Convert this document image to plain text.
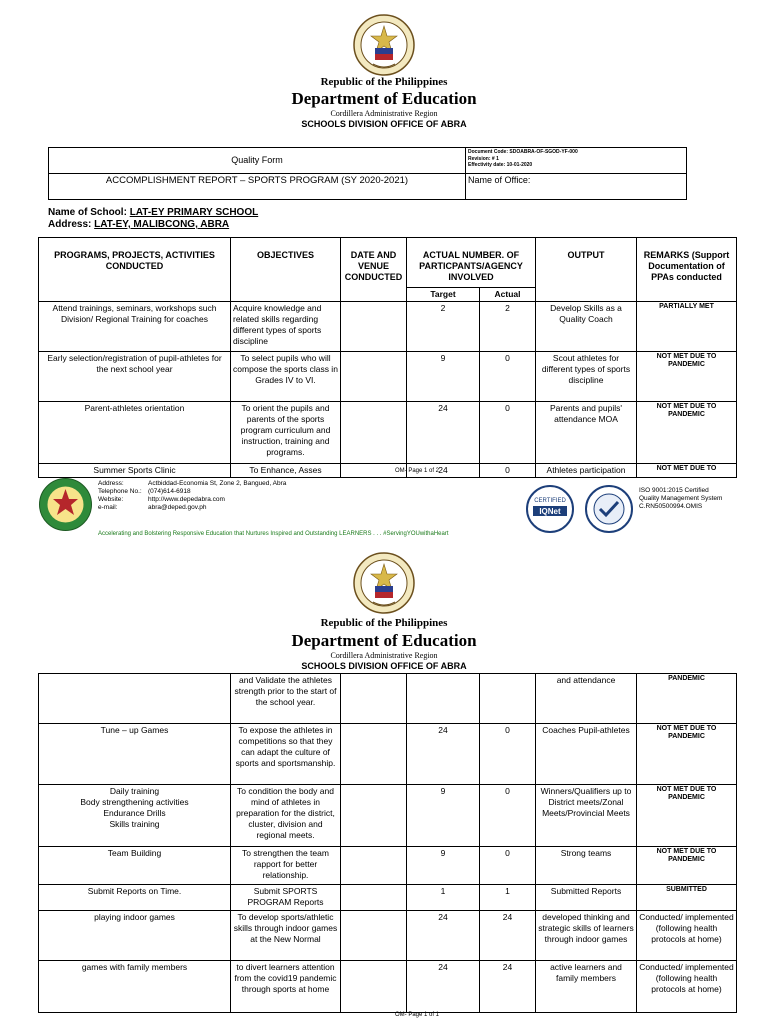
Republic of the Philippines
Department of Education
Cordillera Administrative Region
SCHOOLS DIVISION OFFICE OF ABRA
Quality Form	Document Code: SDOABRA-OF-SGOD-YF-000
Revision: # 1
Effectivity date: 10-01-2020

ACCOMPLISHMENT REPORT – SPORTS PROGRAM (SY 2020-2021)	Name of Office:
Name of School: LAT-EY PRIMARY SCHOOL
Address: LAT-EY, MALIBCONG, ABRA
PROGRAMS, PROJECTS, ACTIVITIES CONDUCTED	OBJECTIVES	DATE AND VENUE CONDUCTED	ACTUAL NUMBER. OF PARTICPANTS/AGENCY INVOLVED		OUTPUT	REMARKS (Support Documentation of PPAs conducted
			Target	Actual		
Attend trainings, seminars, workshops such Division/ Regional Training for coaches	Acquire knowledge and related skills regarding different types of sports discipline		2	2	Develop Skills as a Quality Coach	PARTIALLY MET
Early selection/registration of pupil-athletes for the next school year	To select pupils who will compose the sports class in Grades IV to VI.		9	0	Scout athletes for different types of sports discipline	NOT MET DUE TO PANDEMIC
Parent-athletes orientation	To orient the pupils and parents of the sports program curriculum and instruction, training and programs.		24	0	Parents and pupils' attendance MOA	NOT MET DUE TO PANDEMIC
Summer Sports Clinic	To Enhance, Asses		24	0	Athletes participation	NOT MET DUE TO
OM- Page 1 of 2
Address:	Actbiddad-Economia St, Zone 2, Bangued, Abra
Telephone No.: (074)614-6918
Website:	http://www.depedabra.com
e-mail:	abra@deped.gov.ph
CERTIFIED
IQNet
ISO 9001:2015 Certified
Quality Management System
C.RN50500994.OMIS
Accelerating and Bolstering Responsive Education that Nurtures Inspired and Outstanding LEARNERS . . . #ServingYOUwithaHeart
Republic of the Philippines
Department of Education
Cordillera Administrative Region
SCHOOLS DIVISION OFFICE OF ABRA
	and Validate the athletes strength prior to the start of the school year.				and attendance	PANDEMIC
Tune – up Games	To expose the athletes in competitions so that they can adapt the culture of sports and sportsmanship.		24	0	Coaches Pupil-athletes	NOT MET DUE TO PANDEMIC
Daily training
Body strengthening activities
Endurance Drills
Skills training	To condition the body and mind of athletes in preparation for the district, cluster, division and regional meets.		9	0	Winners/Qualifiers up to District meets/Zonal Meets/Provincial Meets	NOT MET DUE TO PANDEMIC
Team Building	To strengthen the team rapport for better relationship.		9	0	Strong teams	NOT MET DUE TO PANDEMIC
Submit Reports on Time.	Submit SPORTS PROGRAM Reports		1	1	Submitted Reports	SUBMITTED
playing indoor games	To develop sports/athletic skills through indoor games at the New Normal		24	24	developed thinking and strategic skills of learners through indoor games	Conducted/ implemented (following health protocols at home)
games with family members	to divert learners attention from the covid19 pandemic through sports at home		24	24	active learners and family members	Conducted/ implemented (following health protocols at home)
OM- Page 1 of 1
